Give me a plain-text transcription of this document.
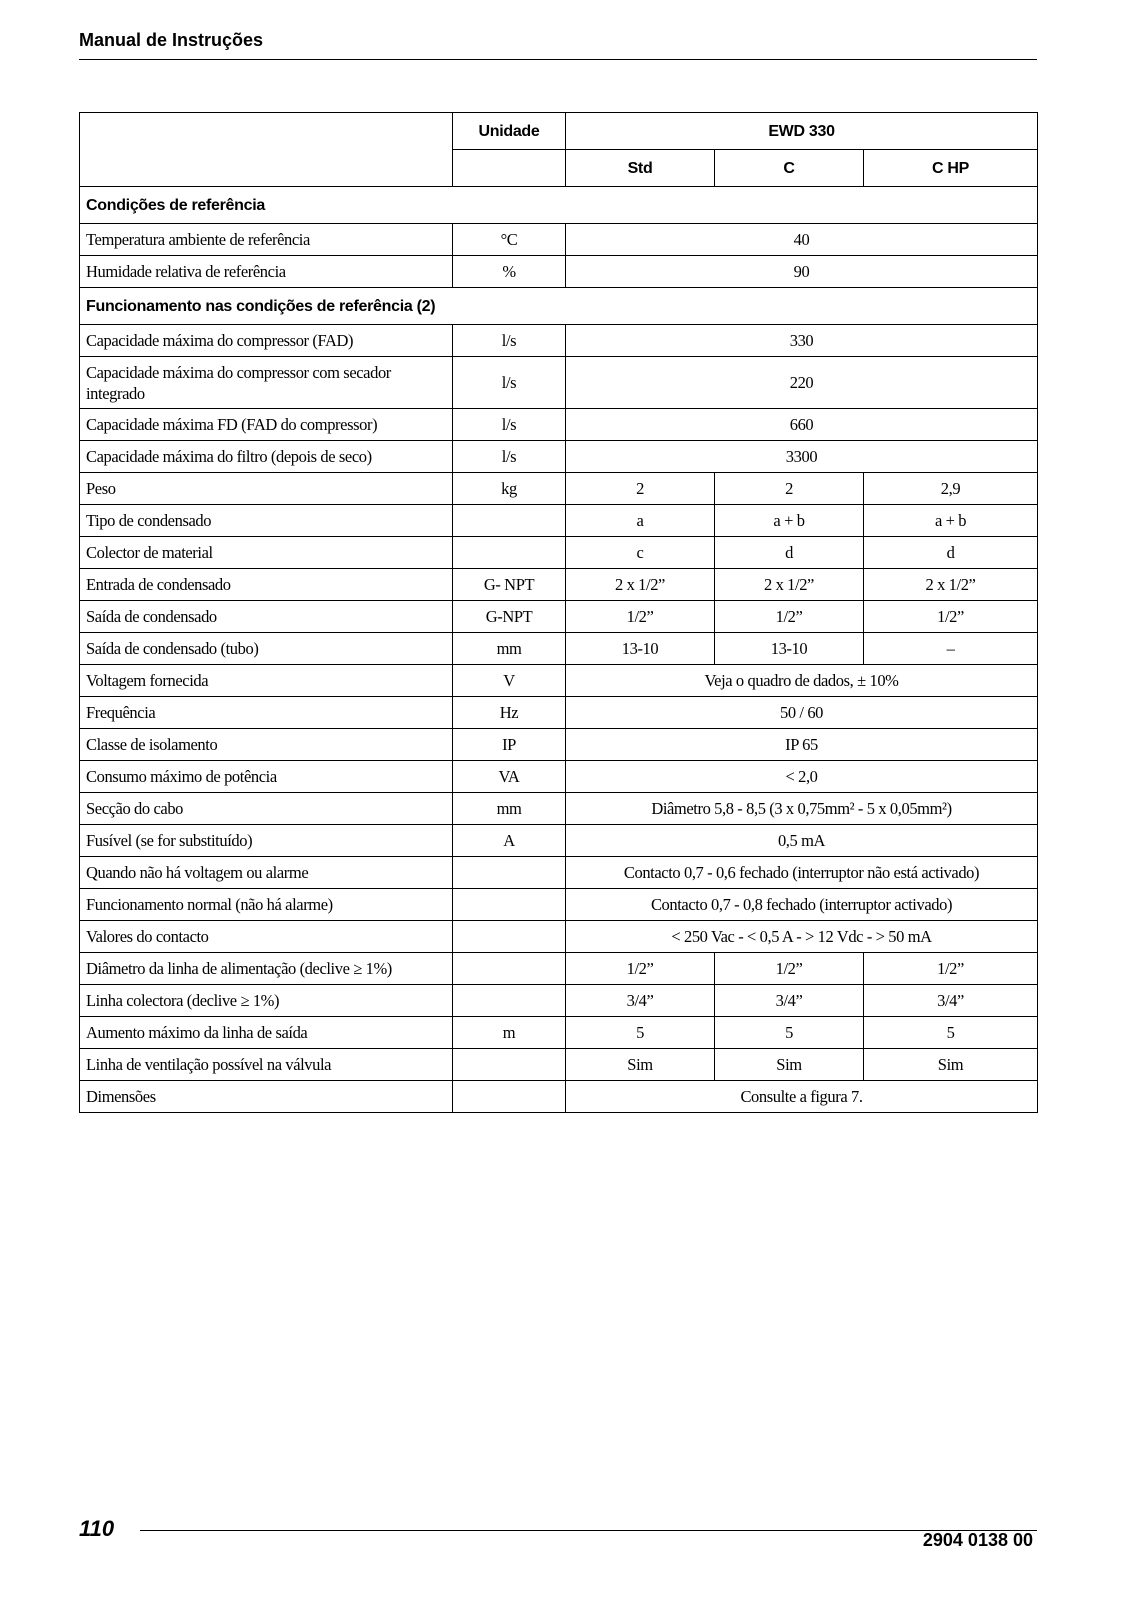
Manual de Instruções
	Unidade	EWD 330		
		Std	C	C HP
Condições de referência				
Temperatura ambiente de referência	°C	40		
Humidade relativa de referência	%	90		
Funcionamento nas condições de referência (2)				
Capacidade máxima do compressor (FAD)	l/s	330		
Capacidade máxima do compressor com secador integrado	l/s	220		
Capacidade máxima FD (FAD do compressor)	l/s	660		
Capacidade máxima do filtro (depois de seco)	l/s	3300		
Peso	kg	2	2	2,9
Tipo de condensado		a	a + b	a + b
Colector de material		c	d	d
Entrada de condensado	G- NPT	2 x 1/2”	2 x 1/2”	2 x 1/2”
Saída de condensado	G-NPT	1/2”	1/2”	1/2”
Saída de condensado (tubo)	mm	13-10	13-10	–
Voltagem fornecida	V	Veja o quadro de dados, ± 10%		
Frequência	Hz	50 / 60		
Classe de isolamento	IP	IP 65		
Consumo máximo de potência	VA	< 2,0		
Secção do cabo	mm	Diâmetro 5,8 - 8,5 (3 x 0,75mm² - 5 x 0,05mm²)		
Fusível (se for substituído)	A	0,5 mA		
Quando não há voltagem ou alarme		Contacto 0,7 - 0,6 fechado (interruptor não está activado)		
Funcionamento normal (não há alarme)		Contacto 0,7 - 0,8 fechado (interruptor activado)		
Valores do contacto		< 250 Vac - < 0,5 A - > 12 Vdc - > 50 mA		
Diâmetro da linha de alimentação (declive ≥ 1%)		1/2”	1/2”	1/2”
Linha colectora (declive ≥ 1%)		3/4”	3/4”	3/4”
Aumento máximo da linha de saída	m	5	5	5
Linha de ventilação possível na válvula		Sim	Sim	Sim
Dimensões		Consulte a figura 7.		
110	2904 0138 00
